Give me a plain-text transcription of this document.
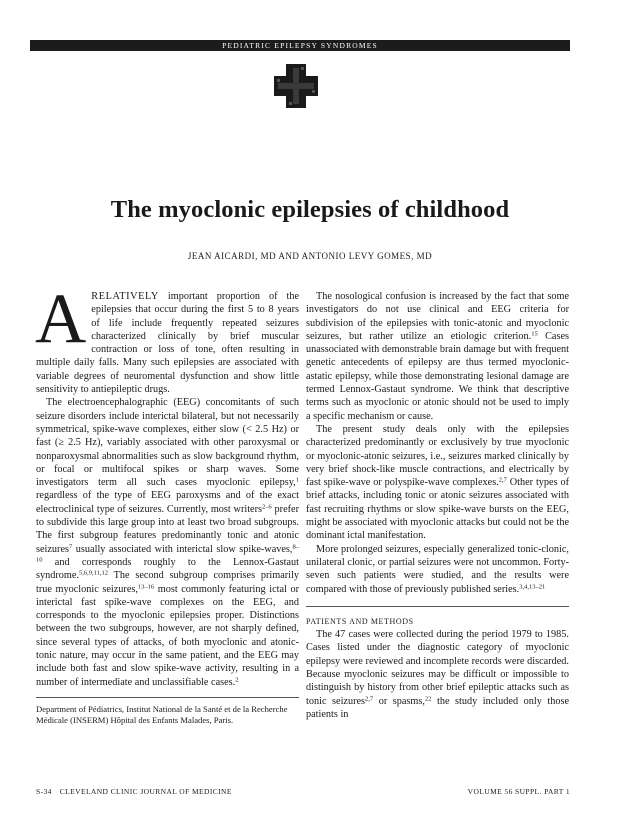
PEDIATRIC EPILEPSY SYNDROMES
The myoclonic epilepsies of childhood
JEAN AICARDI, MD AND ANTONIO LEVY GOMES, MD

ARELATIVELY important proportion of the epilepsies that occur during the first 5 to 8 years of life include frequently repeated seizures characterized clinically by brief muscular contraction or loss of tone, often resulting in multiple daily falls. Many such epilepsies are associated with variable degrees of neuromental dysfunction and show little sensitivity to antiepileptic drugs.

The electroencephalographic (EEG) concomitants of such seizure disorders include interictal bilateral, but not necessarily symmetrical, spike-wave complexes, either slow (< 2.5 Hz) or fast (≥ 2.5 Hz), variably associated with other paroxysmal or nonparoxysmal abnormalities such as slow background rhythm, or focal or multifocal spikes or sharp waves. Some investigators term all such cases myoclonic epilepsy,$^1$ regardless of the type of EEG paroxysms and of the exact electroclinical type of seizures. Currently, most writers$^{2-6}$ prefer to subdivide this large group into at least two broad subgroups. The first subgroup features predominantly tonic and atonic seizures$^7$ usually associated with interictal slow spike-waves,$^{8-10}$ and corresponds roughly to the Lennox-Gastaut syndrome.$^{5,6,9,11,12}$ The second subgroup comprises primarily true myoclonic seizures,$^{13-16}$ most commonly featuring ictal or interictal fast spike-wave complexes on the EEG, and corresponds to the myoclonic epilepsies proper. Distinctions between the two subgroups, however, are not sharply defined, since several types of attacks, of both myoclonic and atonic-tonic nature, may occur in the same patient, and the EEG may include both fast and slow spike-wave activity, resulting in a number of intermediate and unclassifiable cases.$^2$

Department of Pédiatrics, Institut National de la Santé et de la Recherche Médicale (INSERM) Hôpital des Enfants Malades, Paris.

The nosological confusion is increased by the fact that some investigators do not use clinical and EEG criteria for subdivision of the epilepsies with tonic-atonic and myoclonic seizures, but rather utilize an etiologic criterion.$^{15}$ Cases unassociated with demonstrable brain damage but with frequent genetic antecedents of epilepsy are thus termed myoclonic-astatic epilepsy, while those demonstrating lesional damage are termed Lennox-Gastaut syndrome. We think that descriptive terms such as myoclonic or atonic should not be used to imply a specific mechanism or cause.

The present study deals only with the epilepsies characterized predominantly or exclusively by true myoclonic or myoclonic-atonic seizures, i.e., seizures marked clinically by very brief shock-like muscle contractions, and electrically by fast spike-wave or polyspike-wave complexes.$^{2,7}$ Other types of brief attacks, including tonic or atonic seizures associated with fast recruiting rhythms or slow spike-wave bursts on the EEG, might be associated with myoclonic attacks but could not be the dominant ictal manifestation.

More prolonged seizures, especially generalized tonic-clonic, unilateral clonic, or partial seizures were not uncommon. Forty-seven such patients were studied, and the results were compared with those of previously published series.$^{3,4,13-21}$

PATIENTS AND METHODS

The 47 cases were collected during the period 1979 to 1985. Cases listed under the diagnostic category of myoclonic epilepsy were reviewed and incomplete records were discarded. Because myoclonic seizures may be difficult or impossible to distinguish by history from other brief epileptic attacks such as tonic seizures$^{2,7}$ or spasms,$^{22}$ the study included only those patients in

S-34 CLEVELAND CLINIC JOURNAL OF MEDICINE	VOLUME 56 SUPPL. PART 1
